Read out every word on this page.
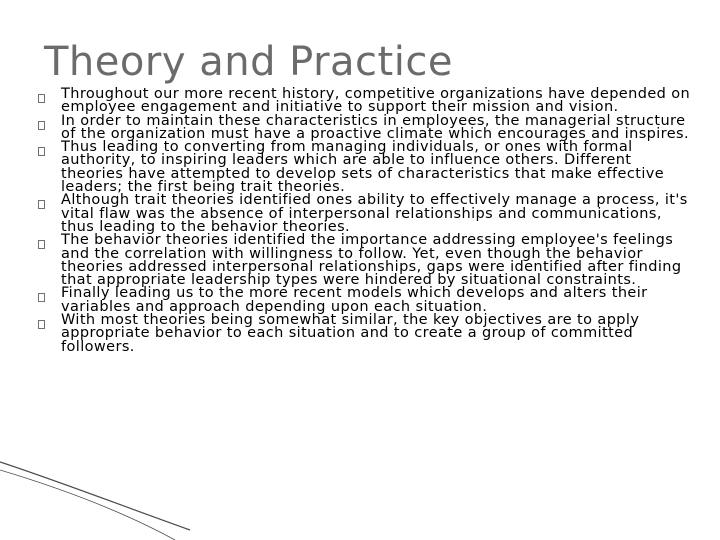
Theory and Practice
Throughout our more recent history, competitive organizations have depended on employee engagement and initiative to support their mission and vision.
In order to maintain these characteristics in employees, the managerial structure of the organization must have a proactive climate which encourages and inspires.
Thus leading to converting from managing individuals, or ones with formal authority, to inspiring leaders which are able to influence others. Different theories have attempted to develop sets of characteristics that make effective leaders; the first being trait theories.
Although trait theories identified ones ability to effectively manage a process, it's vital flaw was the absence of interpersonal relationships and communications, thus leading to the behavior theories.
The behavior theories identified the importance addressing employee's feelings and the correlation with willingness to follow. Yet, even though the behavior theories addressed interpersonal relationships, gaps were identified after finding that appropriate leadership types were hindered by situational constraints.
Finally leading us to the more recent models which develops and alters their variables and approach depending upon each situation.
With most theories being somewhat similar, the key objectives are to apply appropriate behavior to each situation and to create a group of committed followers.
